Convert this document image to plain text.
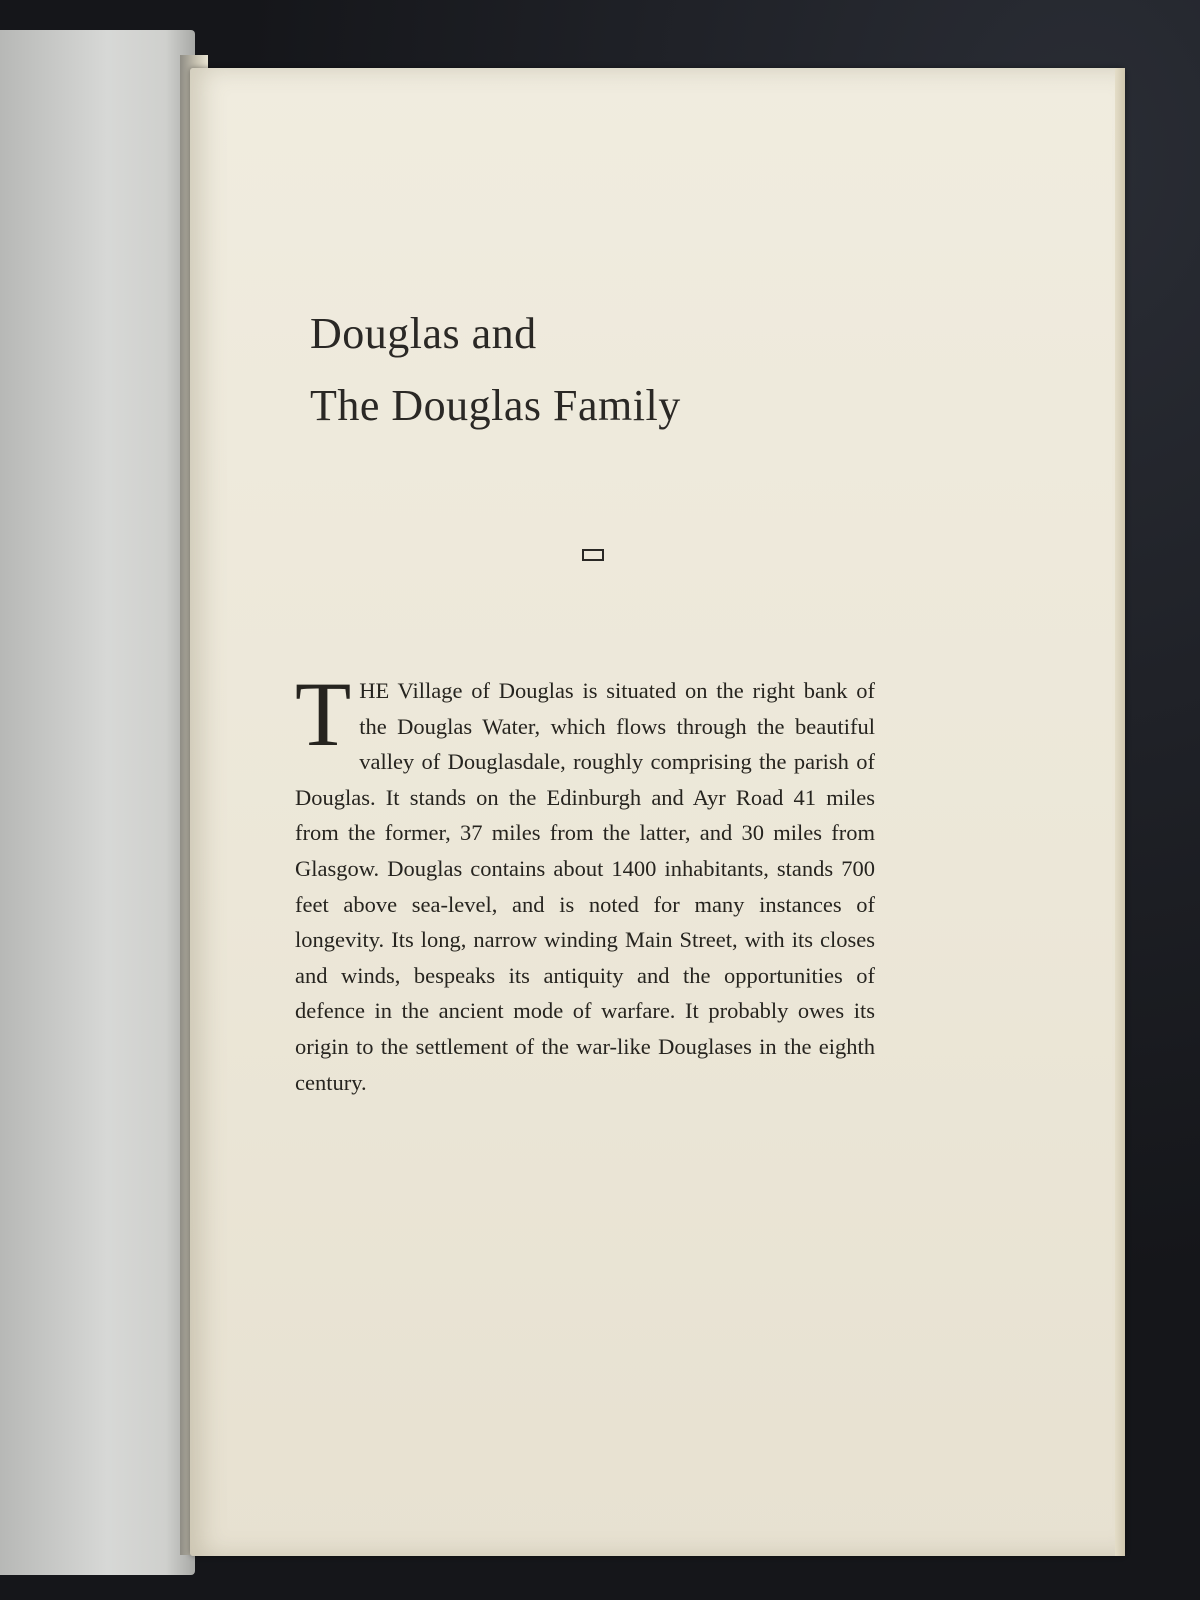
Douglas and
The Douglas Family
T HE Village of Douglas is situated on the right bank of the Douglas Water, which flows through the beautiful valley of Douglasdale, roughly comprising the parish of Douglas. It stands on the Edinburgh and Ayr Road 41 miles from the former, 37 miles from the latter, and 30 miles from Glasgow. Douglas contains about 1400 inhabitants, stands 700 feet above sea-level, and is noted for many instances of longevity. Its long, narrow winding Main Street, with its closes and winds, bespeaks its antiquity and the opportunities of defence in the ancient mode of warfare. It probably owes its origin to the settlement of the war-like Douglases in the eighth century.
